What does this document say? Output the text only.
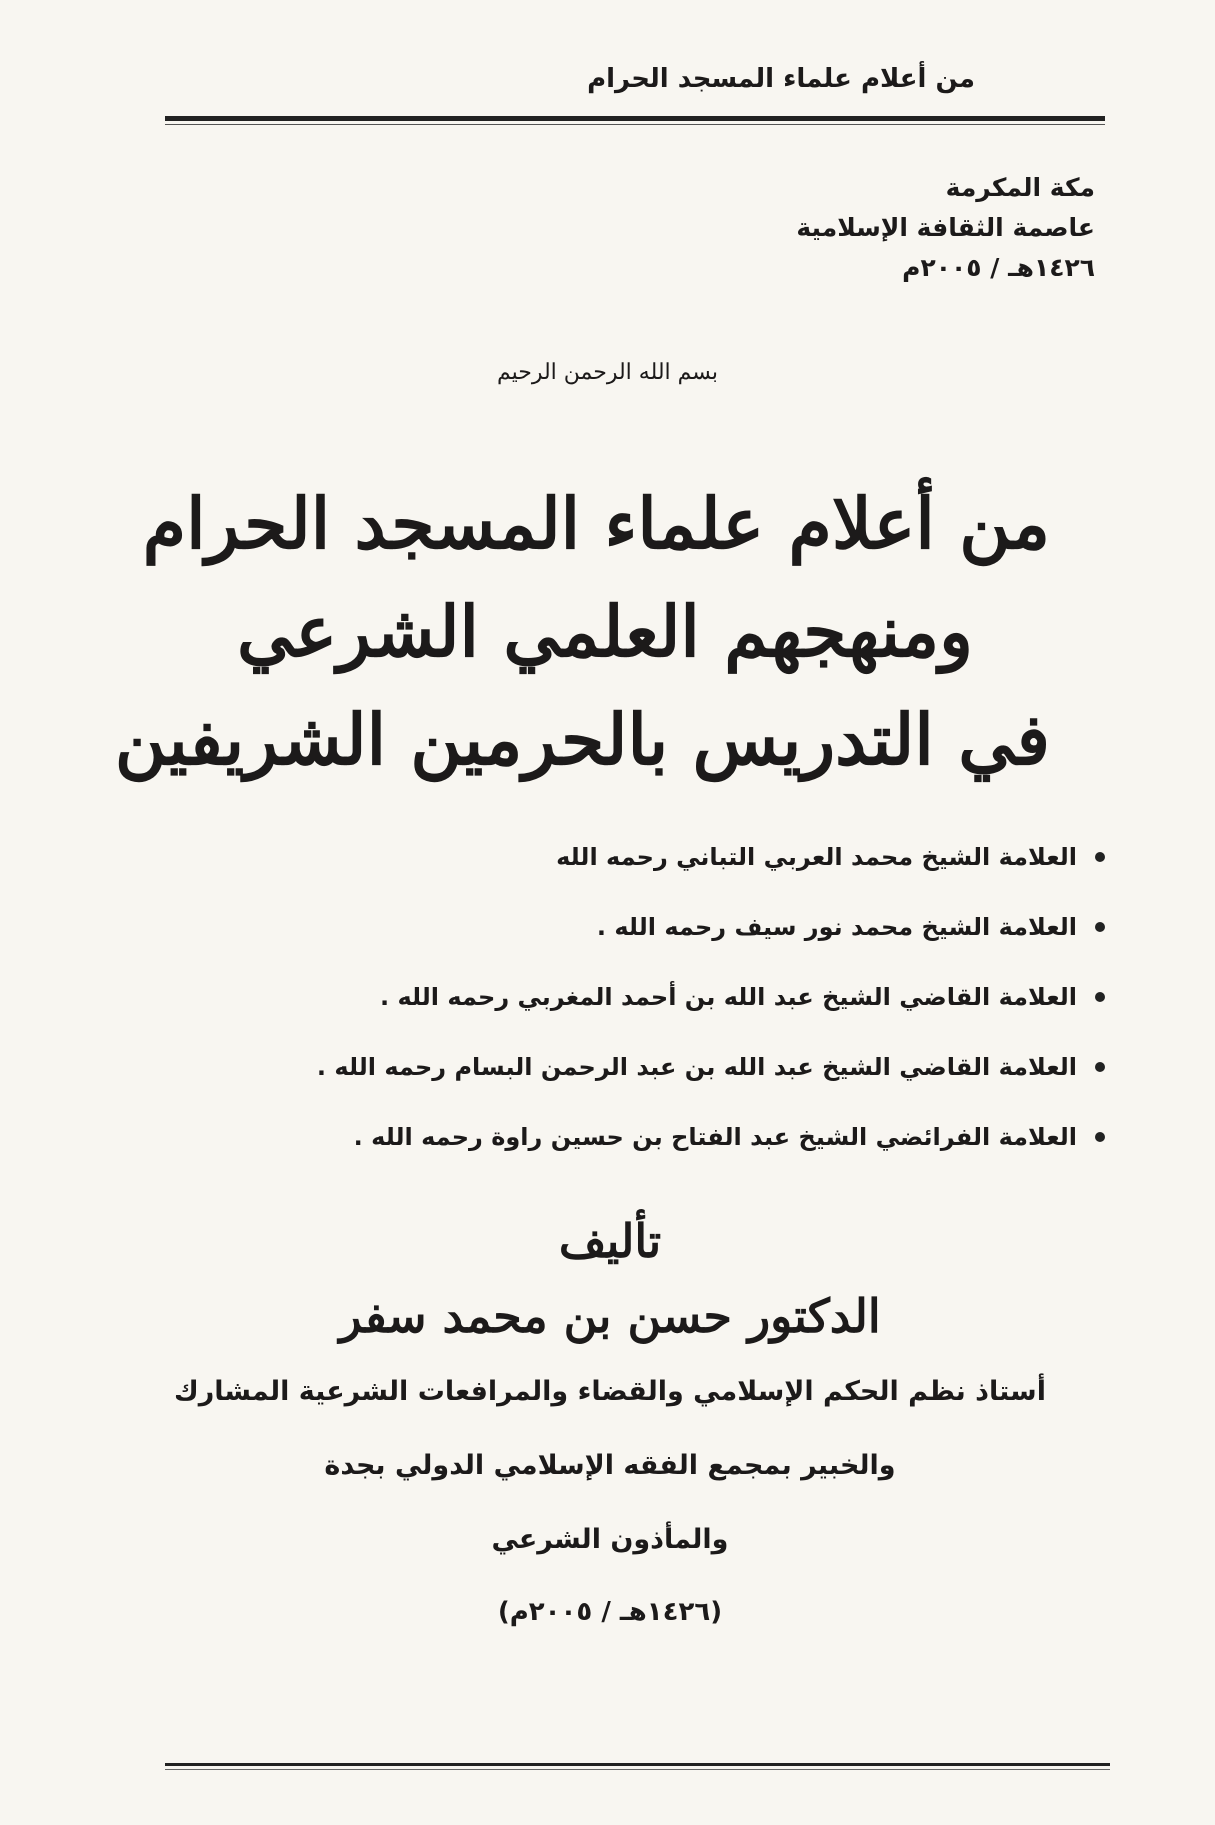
من أعلام علماء المسجد الحرام
مكة المكرمة
عاصمة الثقافة الإسلامية
١٤٢٦هـ / ٢٠٠٥م
بسم الله الرحمن الرحيم
من أعلام علماء المسجد الحرام
ومنهجهم العلمي الشرعي
في التدريس بالحرمين الشريفين
العلامة الشيخ محمد العربي التباني رحمه الله
العلامة الشيخ محمد نور سيف رحمه الله .
العلامة القاضي الشيخ عبد الله بن أحمد المغربي رحمه الله .
العلامة القاضي الشيخ عبد الله بن عبد الرحمن البسام رحمه الله .
العلامة الفرائضي الشيخ عبد الفتاح بن حسين راوة رحمه الله .
تأليف
الدكتور حسن بن محمد سفر
أستاذ نظم الحكم الإسلامي والقضاء والمرافعات الشرعية المشارك
والخبير بمجمع الفقه الإسلامي الدولي بجدة
والمأذون الشرعي
(١٤٢٦هـ / ٢٠٠٥م)
